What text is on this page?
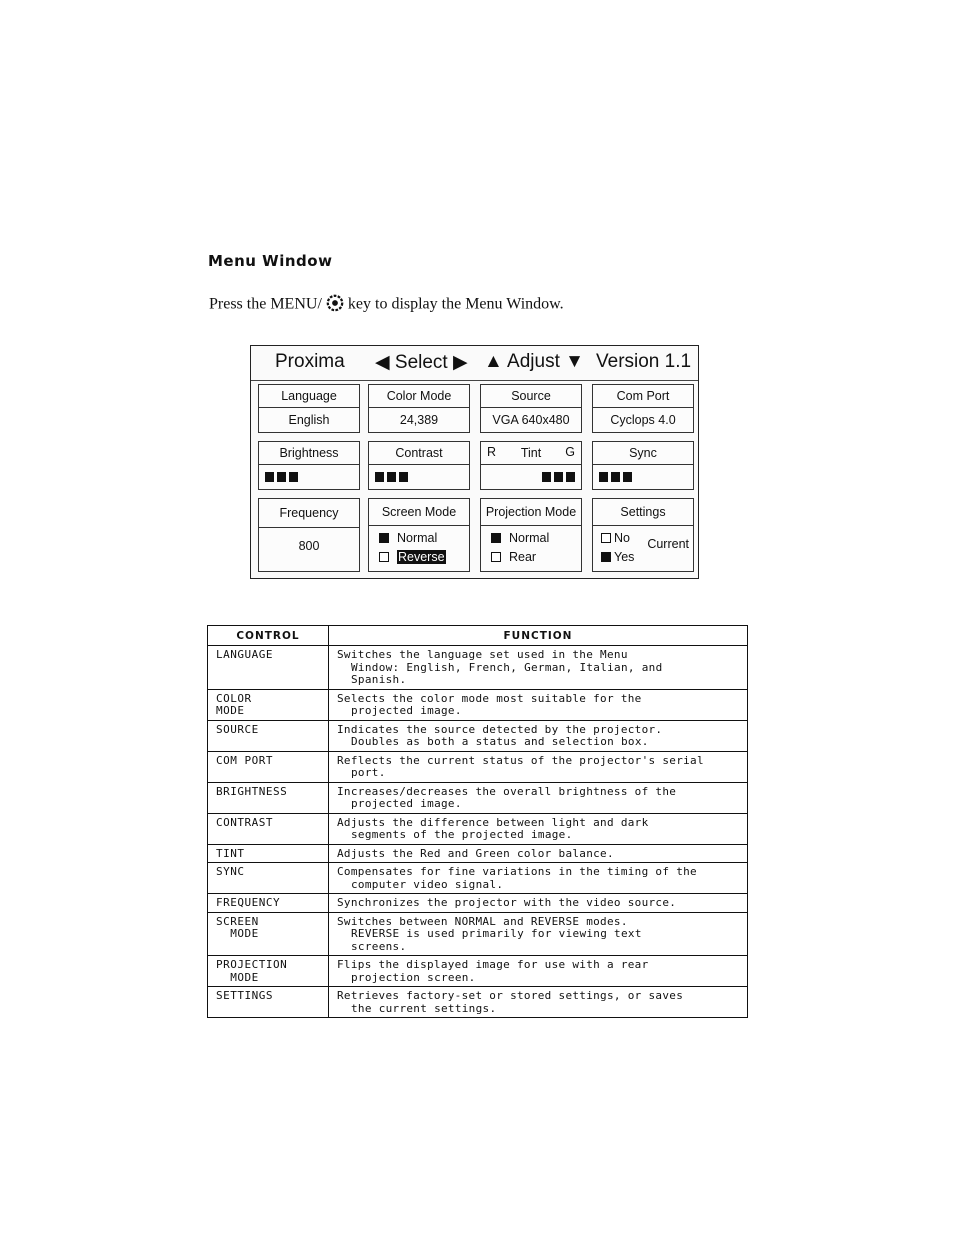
Menu Window
Press the MENU/ key to display the Menu Window.
Proxima ◀ Select ▶ ▲ Adjust ▼ Version 1.1
Language
English
Color Mode
24,389
Source
VGA 640x480
Com Port
Cyclops 4.0
Brightness	Contrast	Tint
R	G	Sync
Frequency
800
Screen Mode
Normal
Reverse
Projection Mode
Normal
Rear
Settings
No
Yes
Current
CONTROL	FUNCTION

LANGUAGE	Switches the language set used in the Menu
Window: English, French, German, Italian, and
Spanish.

COLOR
MODE	Selects the color mode most suitable for the
projected image.

SOURCE	Indicates the source detected by the projector.
Doubles as both a status and selection box.

COM PORT	Reflects the current status of the projector's serial
port.

BRIGHTNESS	Increases/decreases the overall brightness of the
projected image.

CONTRAST	Adjusts the difference between light and dark
segments of the projected image.

TINT	Adjusts the Red and Green color balance.

SYNC	Compensates for fine variations in the timing of the
computer video signal.

FREQUENCY	Synchronizes the projector with the video source.

SCREEN
MODE	Switches between NORMAL and REVERSE modes.
REVERSE is used primarily for viewing text
screens.

PROJECTION
MODE	Flips the displayed image for use with a rear
projection screen.

SETTINGS	Retrieves factory-set or stored settings, or saves
the current settings.
